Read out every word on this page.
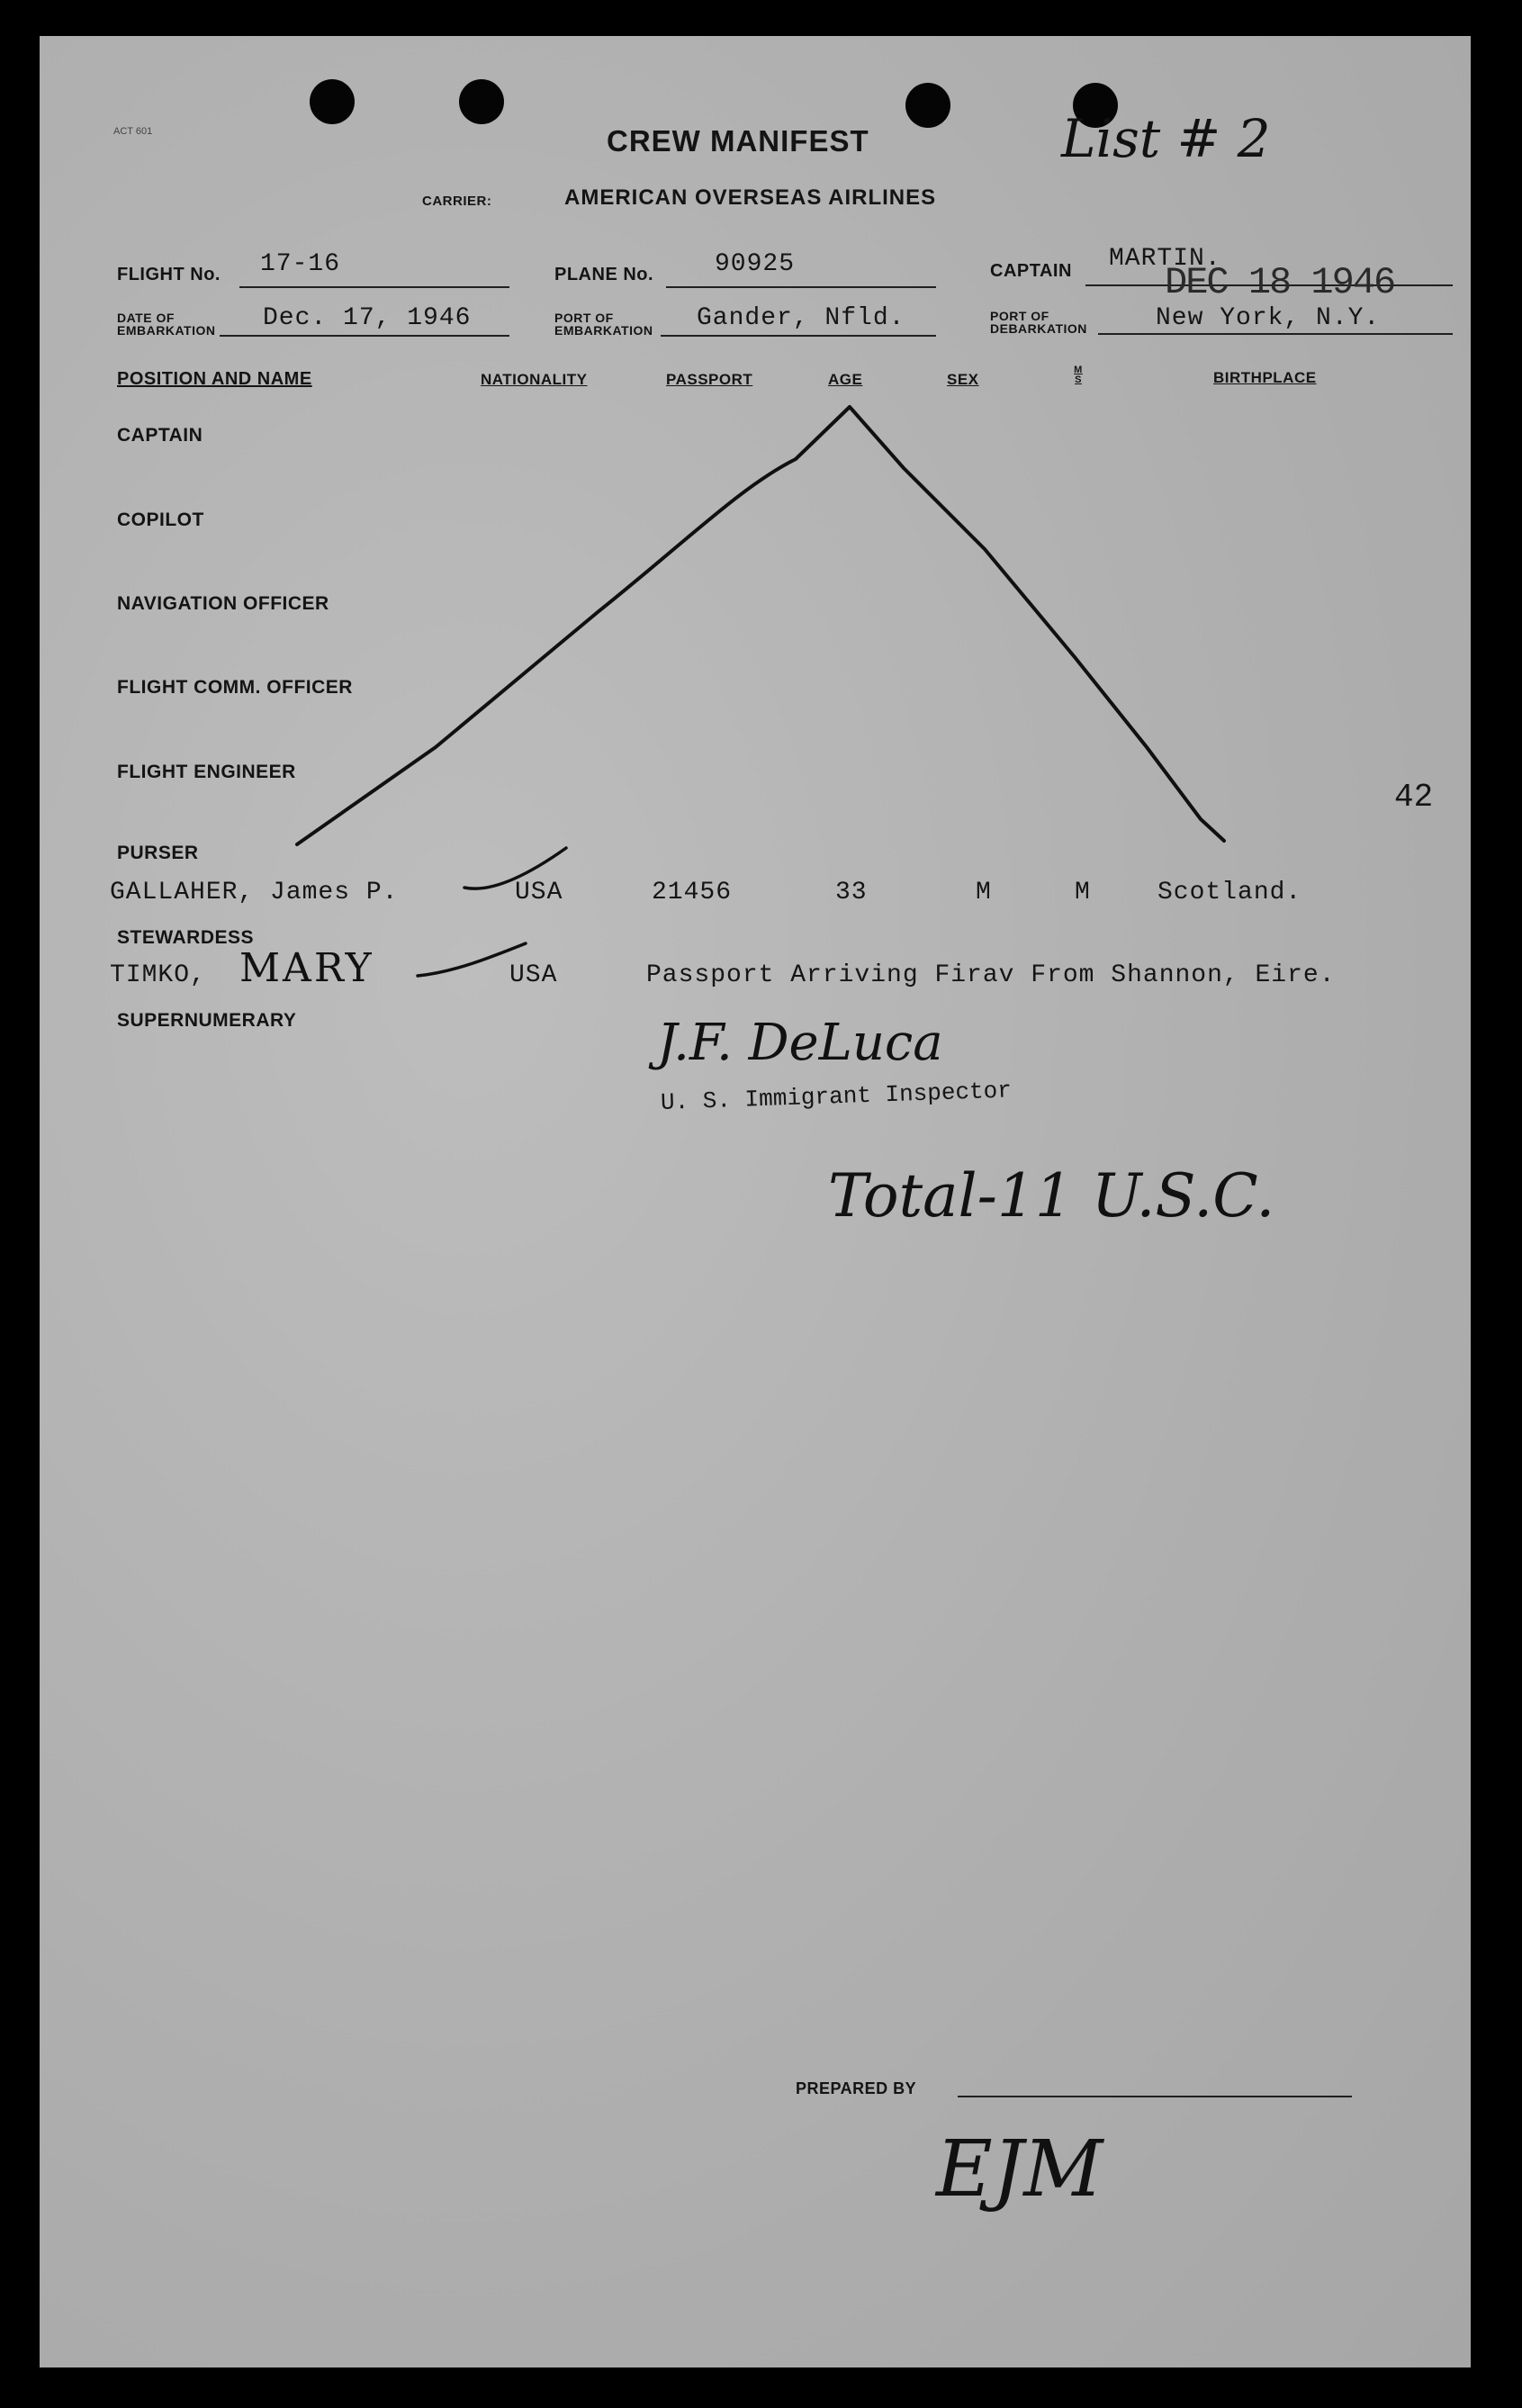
ACT 601	CREW MANIFEST
CARRIER:	AMERICAN OVERSEAS AIRLINES
List # 2
42
FLIGHT No. 17-16	PLANE No. 90925	CAPTAIN MARTIN.
DEC 18 1946
DATE OF
EMBARKATION Dec. 17, 1946	PORT OF
EMBARKATION Gander, Nfld.	PORT OF
DEBARKATION	New York, N.Y.
POSITION AND NAME	NATIONALITY	PASSPORT	AGE	SEX
M S	BIRTHPLACE
CAPTAIN
COPILOT
NAVIGATION OFFICER
FLIGHT COMM. OFFICER
FLIGHT ENGINEER
PURSER
STEWARDESS
SUPERNUMERARY
GALLAHER, James P.	USA	21456	33	M	M	Scotland.
TIMKO, MARY	USA	Passport Arriving Firav From Shannon, Eire.
J.F. DeLuca
U. S. Immigrant Inspector
Total-11 U.S.C.
PREPARED BY
EJM
